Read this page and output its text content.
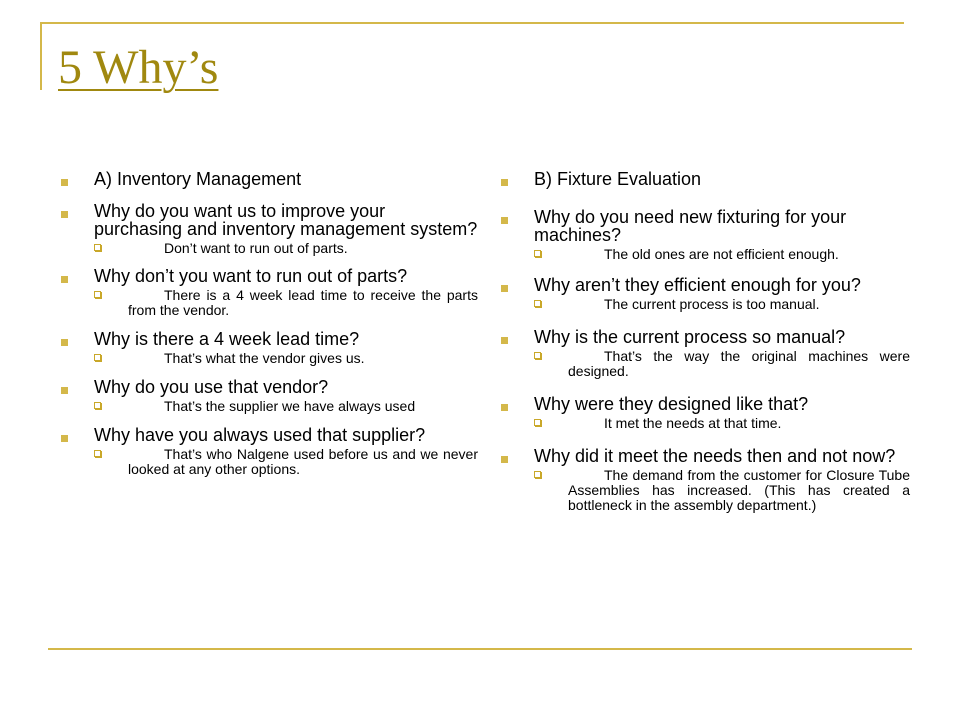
5 Why’s
A) Inventory Management
Why do you want us to improve your purchasing and inventory management system?
Don’t want to run out of parts.
Why don’t you want to run out of parts?
There is a 4 week lead time to receive the parts from the vendor.
Why is there a 4 week lead time?
That’s what the vendor gives us.
Why do you use that vendor?
That’s the supplier we have always used
Why have you always used that supplier?
That’s who Nalgene used before us and we never looked at any other options.
B) Fixture Evaluation
Why do you need new fixturing for your machines?
The old ones are not efficient enough.
Why aren’t they efficient enough for you?
The current process is too manual.
Why is the current process so manual?
That’s the way the original machines were designed.
Why were they designed like that?
It met the needs at that time.
Why did it meet the needs then and not now?
The demand from the customer for Closure Tube Assemblies has increased. (This has created a bottleneck in the assembly department.)
